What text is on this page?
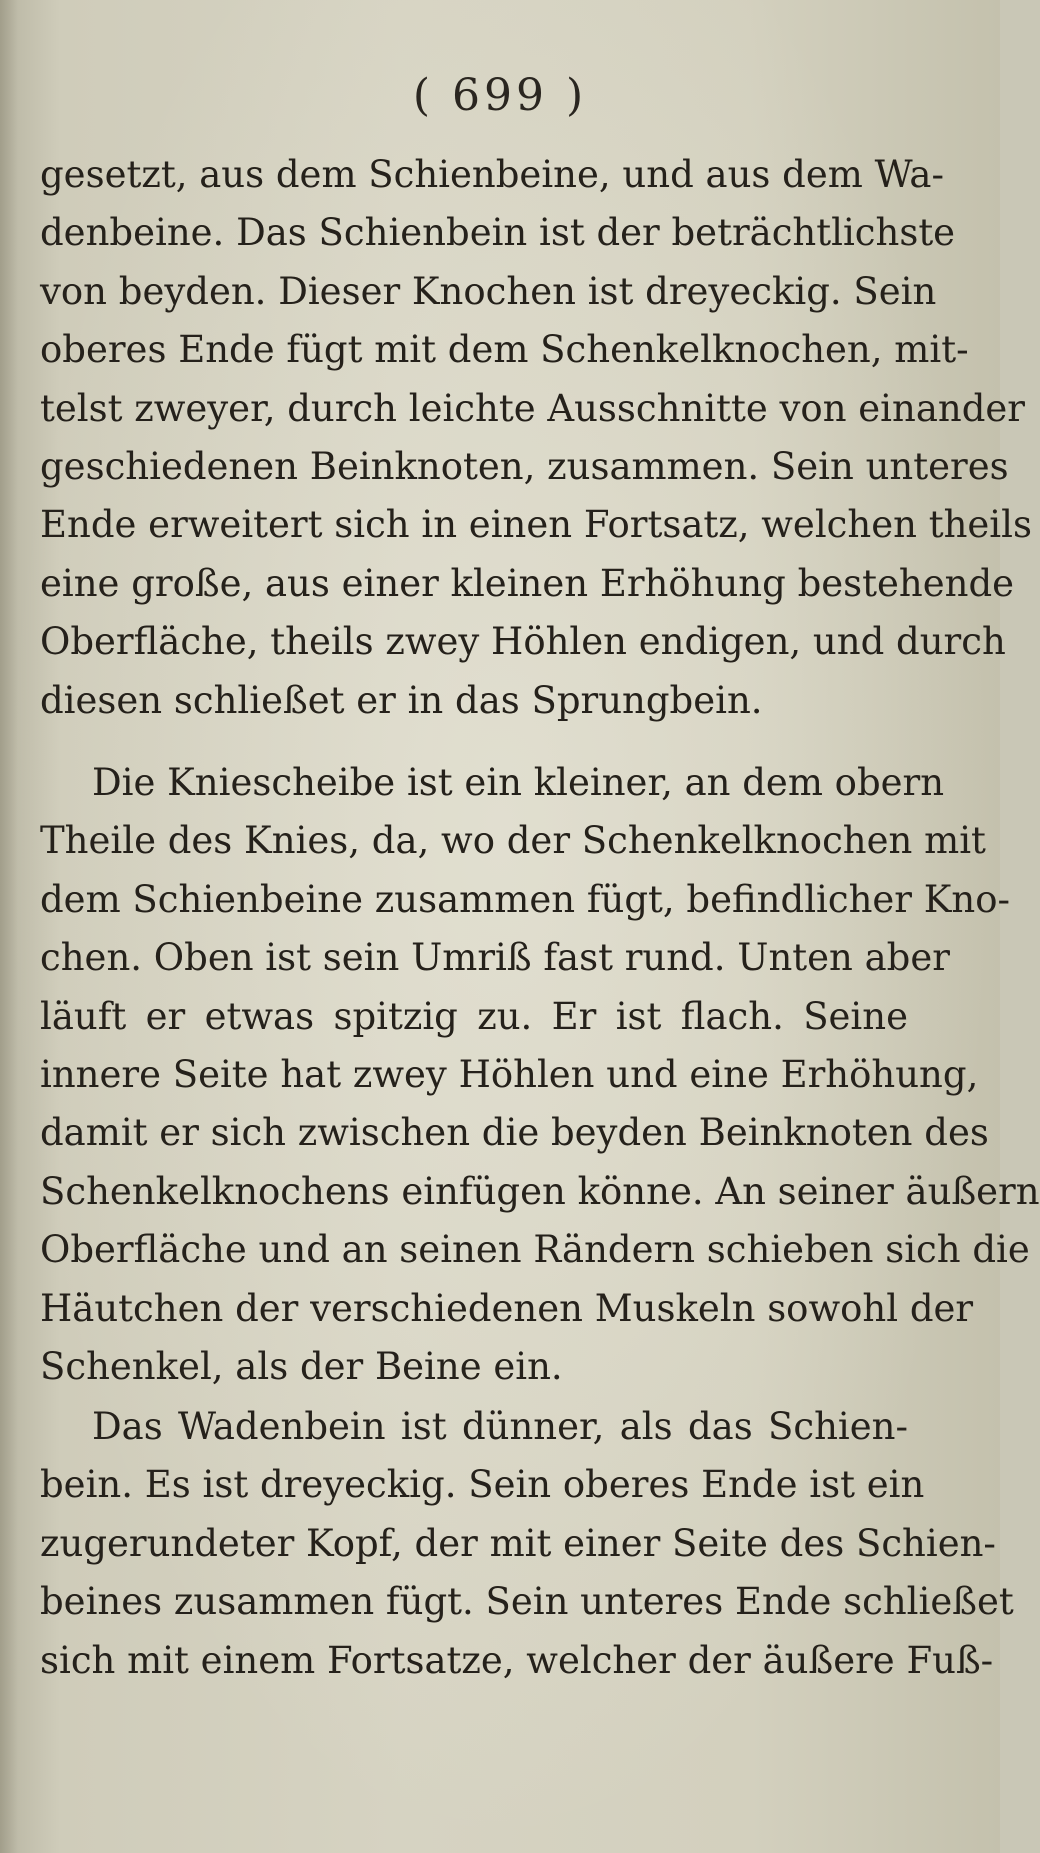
( 699 )
gesetzt, aus dem Schienbeine, und aus dem Wa-
denbeine. Das Schienbein ist der beträchtlichste
von beyden. Dieser Knochen ist dreyeckig. Sein
oberes Ende fügt mit dem Schenkelknochen, mit-
telst zweyer, durch leichte Ausschnitte von einander
geschiedenen Beinknoten, zusammen. Sein unteres
Ende erweitert sich in einen Fortsatz, welchen theils
eine große, aus einer kleinen Erhöhung bestehende
Oberfläche, theils zwey Höhlen endigen, und durch
diesen schließet er in das Sprungbein.
Die Kniescheibe ist ein kleiner, an dem obern
Theile des Knies, da, wo der Schenkelknochen mit
dem Schienbeine zusammen fügt, befindlicher Kno-
chen. Oben ist sein Umriß fast rund. Unten aber
läuft er etwas spitzig zu. Er ist flach. Seine
innere Seite hat zwey Höhlen und eine Erhöhung,
damit er sich zwischen die beyden Beinknoten des
Schenkelknochens einfügen könne. An seiner äußern
Oberfläche und an seinen Rändern schieben sich die
Häutchen der verschiedenen Muskeln sowohl der
Schenkel, als der Beine ein.
Das Wadenbein ist dünner, als das Schien-
bein. Es ist dreyeckig. Sein oberes Ende ist ein
zugerundeter Kopf, der mit einer Seite des Schien-
beines zusammen fügt. Sein unteres Ende schließet
sich mit einem Fortsatze, welcher der äußere Fuß-
